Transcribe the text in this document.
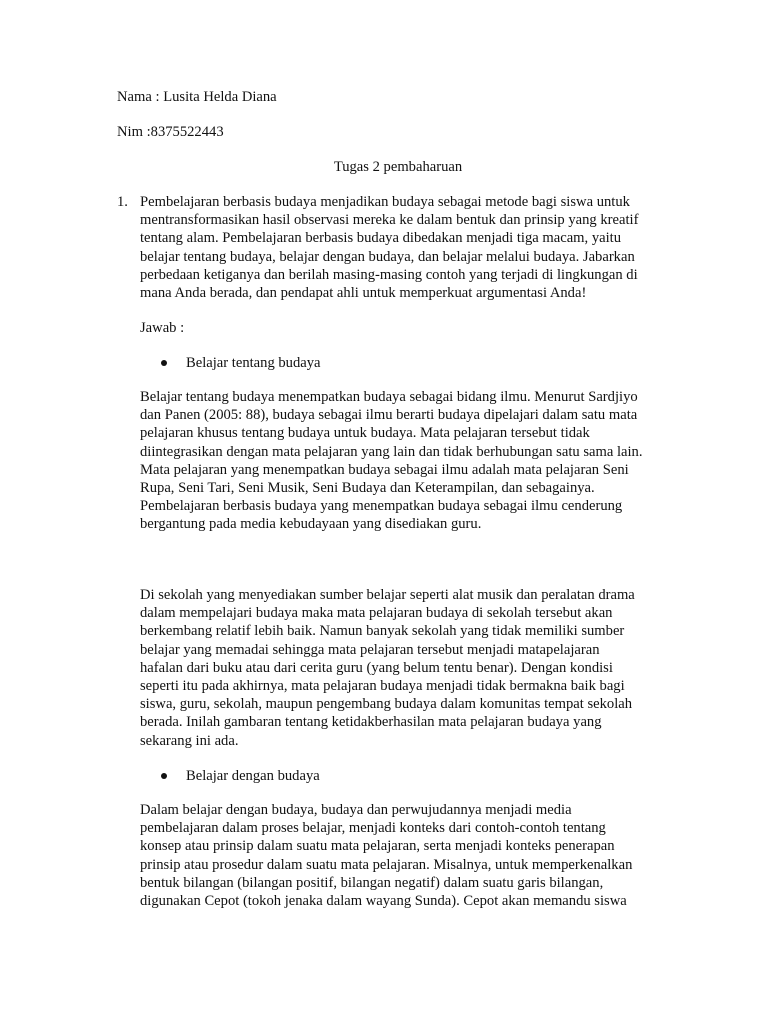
Nama : Lusita Helda Diana
Nim :8375522443
Tugas 2 pembaharuan
1. Pembelajaran berbasis budaya menjadikan budaya sebagai metode bagi siswa untuk
mentransformasikan hasil observasi mereka ke dalam bentuk dan prinsip yang kreatif
tentang alam. Pembelajaran berbasis budaya dibedakan menjadi tiga macam, yaitu
belajar tentang budaya, belajar dengan budaya, dan belajar melalui budaya. Jabarkan
perbedaan ketiganya dan berilah masing-masing contoh yang terjadi di lingkungan di
mana Anda berada, dan pendapat ahli untuk memperkuat argumentasi Anda!
Jawab :
Belajar tentang budaya
Belajar tentang budaya menempatkan budaya sebagai bidang ilmu. Menurut Sardjiyo
dan Panen (2005: 88), budaya sebagai ilmu berarti budaya dipelajari dalam satu mata
pelajaran khusus tentang budaya untuk budaya. Mata pelajaran tersebut tidak
diintegrasikan dengan mata pelajaran yang lain dan tidak berhubungan satu sama lain.
Mata pelajaran yang menempatkan budaya sebagai ilmu adalah mata pelajaran Seni
Rupa, Seni Tari, Seni Musik, Seni Budaya dan Keterampilan, dan sebagainya.
Pembelajaran berbasis budaya yang menempatkan budaya sebagai ilmu cenderung
bergantung pada media kebudayaan yang disediakan guru.
Di sekolah yang menyediakan sumber belajar seperti alat musik dan peralatan drama
dalam mempelajari budaya maka mata pelajaran budaya di sekolah tersebut akan
berkembang relatif lebih baik. Namun banyak sekolah yang tidak memiliki sumber
belajar yang memadai sehingga mata pelajaran tersebut menjadi matapelajaran
hafalan dari buku atau dari cerita guru (yang belum tentu benar). Dengan kondisi
seperti itu pada akhirnya, mata pelajaran budaya menjadi tidak bermakna baik bagi
siswa, guru, sekolah, maupun pengembang budaya dalam komunitas tempat sekolah
berada. Inilah gambaran tentang ketidakberhasilan mata pelajaran budaya yang
sekarang ini ada.
Belajar dengan budaya
Dalam belajar dengan budaya, budaya dan perwujudannya menjadi media
pembelajaran dalam proses belajar, menjadi konteks dari contoh-contoh tentang
konsep atau prinsip dalam suatu mata pelajaran, serta menjadi konteks penerapan
prinsip atau prosedur dalam suatu mata pelajaran. Misalnya, untuk memperkenalkan
bentuk bilangan (bilangan positif, bilangan negatif) dalam suatu garis bilangan,
digunakan Cepot (tokoh jenaka dalam wayang Sunda). Cepot akan memandu siswa
